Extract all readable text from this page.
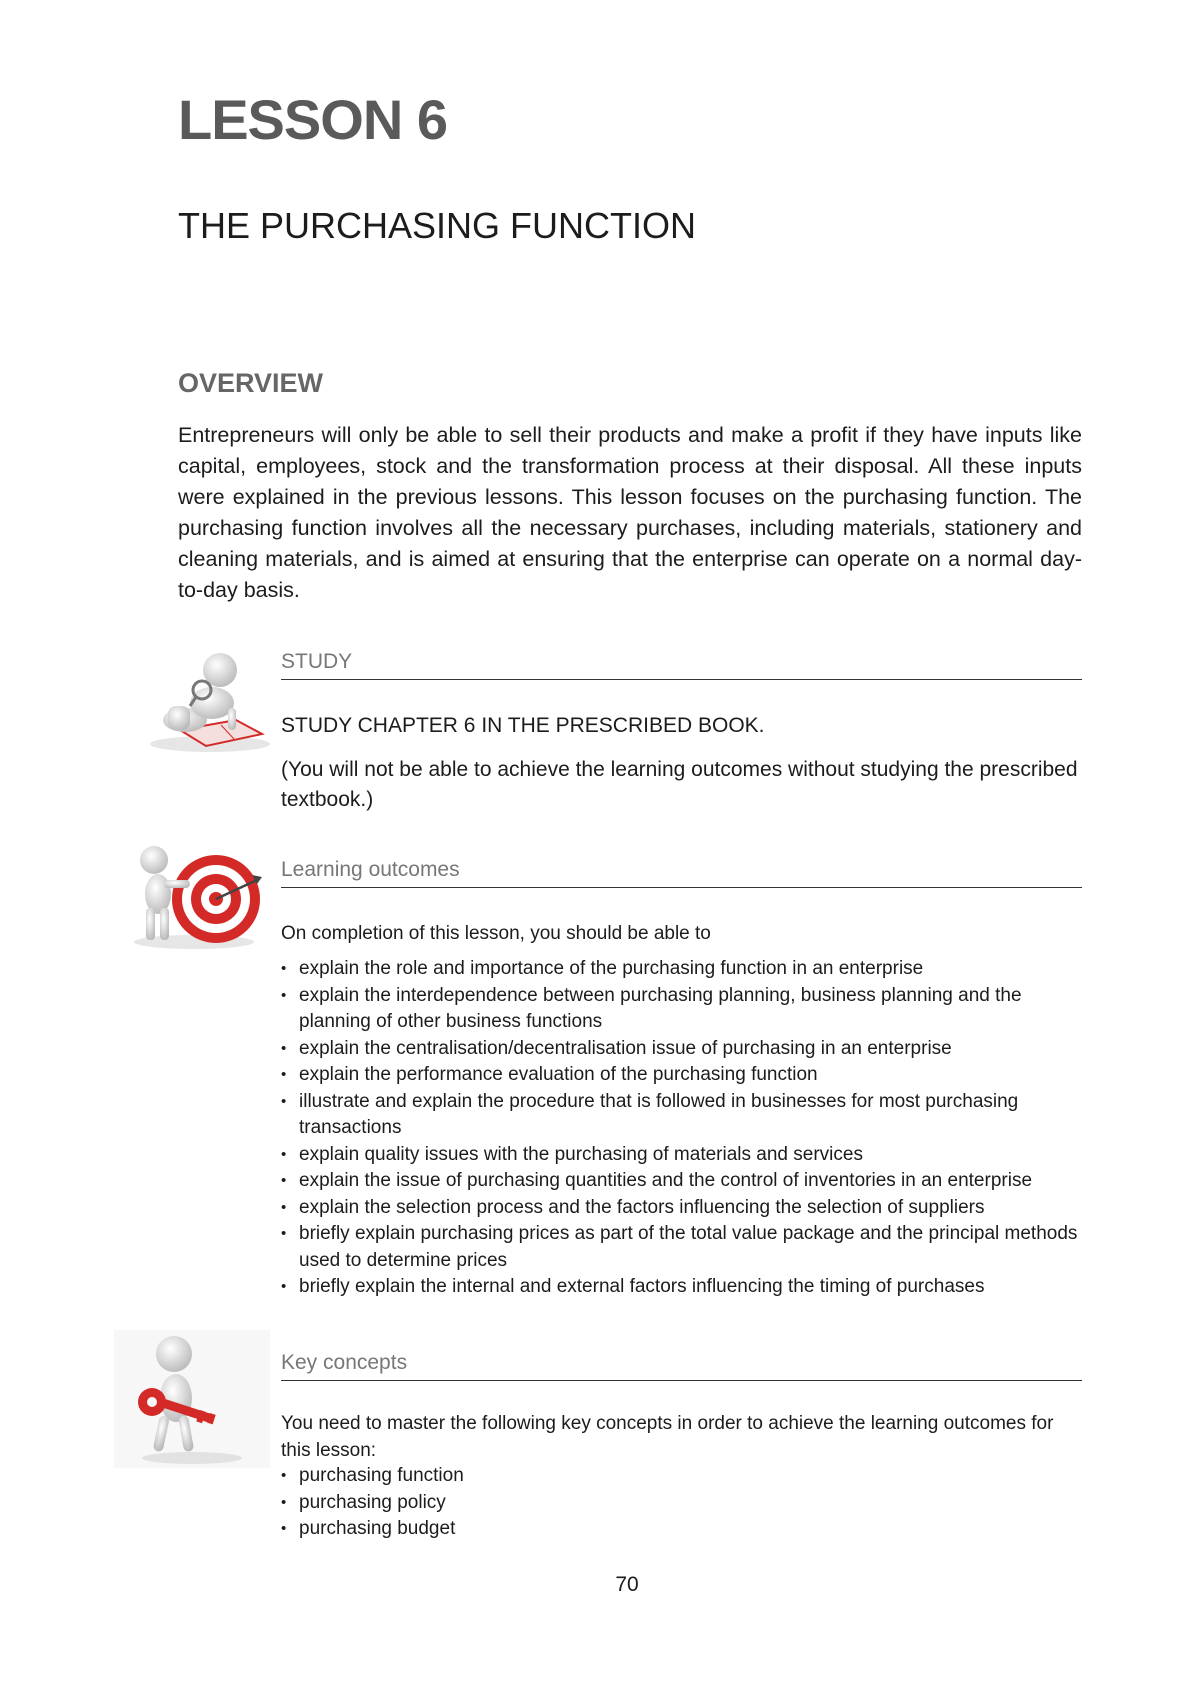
LESSON 6
THE PURCHASING FUNCTION
OVERVIEW

Entrepreneurs will only be able to sell their products and make a profit if they have inputs like capital, employees, stock and the transformation process at their disposal. All these inputs were explained in the previous lessons. This lesson focuses on the purchasing function. The purchasing function involves all the necessary purchases, including materials, stationery and cleaning materials, and is aimed at ensuring that the enterprise can operate on a normal day-to-day basis.

STUDY
STUDY CHAPTER 6 IN THE PRESCRIBED BOOK.

(You will not be able to achieve the learning outcomes without studying the prescribed textbook.)

Learning outcomes
On completion of this lesson, you should be able to
• explain the role and importance of the purchasing function in an enterprise
• explain the interdependence between purchasing planning, business planning and the planning of other business functions
• explain the centralisation/decentralisation issue of purchasing in an enterprise
• explain the performance evaluation of the purchasing function
• illustrate and explain the procedure that is followed in businesses for most purchasing transactions
• explain quality issues with the purchasing of materials and services
• explain the issue of purchasing quantities and the control of inventories in an enterprise
• explain the selection process and the factors influencing the selection of suppliers
• briefly explain purchasing prices as part of the total value package and the principal methods used to determine prices
• briefly explain the internal and external factors influencing the timing of purchases
Key concepts

You need to master the following key concepts in order to achieve the learning outcomes for this lesson:

• purchasing function
• purchasing policy
• purchasing budget
70
